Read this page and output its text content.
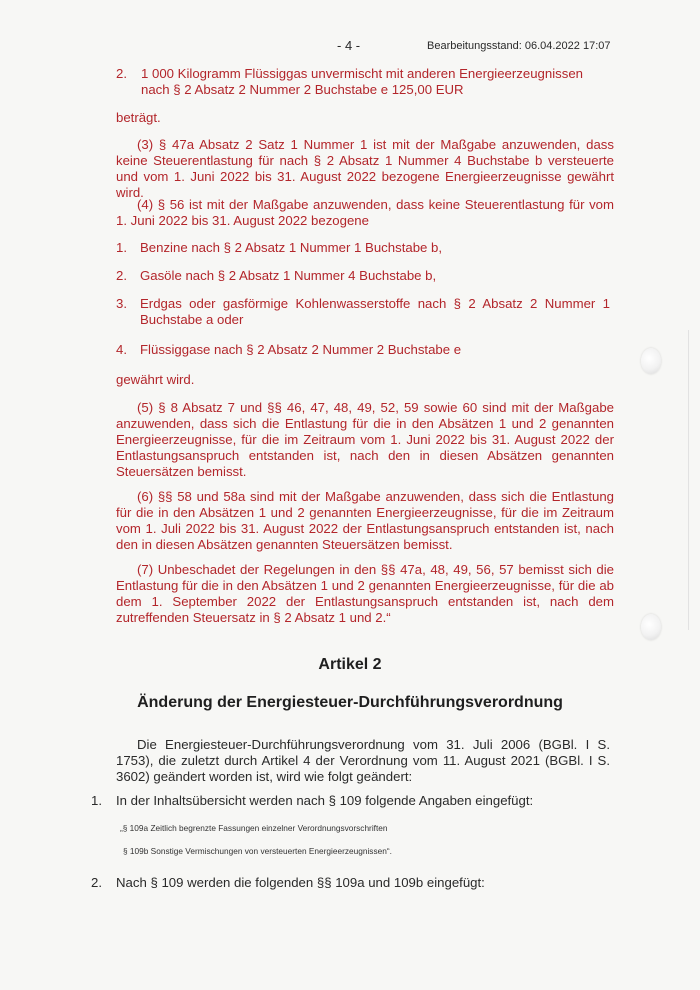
- 4 -	Bearbeitungsstand: 06.04.2022 17:07
2. 1 000 Kilogramm Flüssiggas unvermischt mit anderen Energieerzeugnissen nach § 2 Absatz 2 Nummer 2 Buchstabe e 125,00 EUR

beträgt.

(3) § 47a Absatz 2 Satz 1 Nummer 1 ist mit der Maßgabe anzuwenden, dass keine Steuerentlastung für nach § 2 Absatz 1 Nummer 4 Buchstabe b versteuerte und vom 1. Juni 2022 bis 31. August 2022 bezogene Energieerzeugnisse gewährt wird.

(4) § 56 ist mit der Maßgabe anzuwenden, dass keine Steuerentlastung für vom 1. Juni 2022 bis 31. August 2022 bezogene

1. Benzine nach § 2 Absatz 1 Nummer 1 Buchstabe b,
2. Gasöle nach § 2 Absatz 1 Nummer 4 Buchstabe b,
3. Erdgas oder gasförmige Kohlenwasserstoffe nach § 2 Absatz 2 Nummer 1 Buchstabe a oder
4. Flüssiggase nach § 2 Absatz 2 Nummer 2 Buchstabe e

gewährt wird.

(5) § 8 Absatz 7 und §§ 46, 47, 48, 49, 52, 59 sowie 60 sind mit der Maßgabe anzuwenden, dass sich die Entlastung für die in den Absätzen 1 und 2 genannten Energieerzeugnisse, für die im Zeitraum vom 1. Juni 2022 bis 31. August 2022 der Entlastungsanspruch entstanden ist, nach den in diesen Absätzen genannten Steuersätzen bemisst.

(6) §§ 58 und 58a sind mit der Maßgabe anzuwenden, dass sich die Entlastung für die in den Absätzen 1 und 2 genannten Energieerzeugnisse, für die im Zeitraum vom 1. Juli 2022 bis 31. August 2022 der Entlastungsanspruch entstanden ist, nach den in diesen Absätzen genannten Steuersätzen bemisst.

(7) Unbeschadet der Regelungen in den §§ 47a, 48, 49, 56, 57 bemisst sich die Entlastung für die in den Absätzen 1 und 2 genannten Energieerzeugnisse, für die ab dem 1. September 2022 der Entlastungsanspruch entstanden ist, nach dem zutreffenden Steuersatz in § 2 Absatz 1 und 2.“

Artikel 2
Änderung der Energiesteuer-Durchführungsverordnung

Die Energiesteuer-Durchführungsverordnung vom 31. Juli 2006 (BGBl. I S. 1753), die zuletzt durch Artikel 4 der Verordnung vom 11. August 2021 (BGBl. I S. 3602) geändert worden ist, wird wie folgt geändert:

1. In der Inhaltsübersicht werden nach § 109 folgende Angaben eingefügt:
„§ 109a Zeitlich begrenzte Fassungen einzelner Verordnungsvorschriften
§ 109b Sonstige Vermischungen von versteuerten Energieerzeugnissen“.
2. Nach § 109 werden die folgenden §§ 109a und 109b eingefügt:
